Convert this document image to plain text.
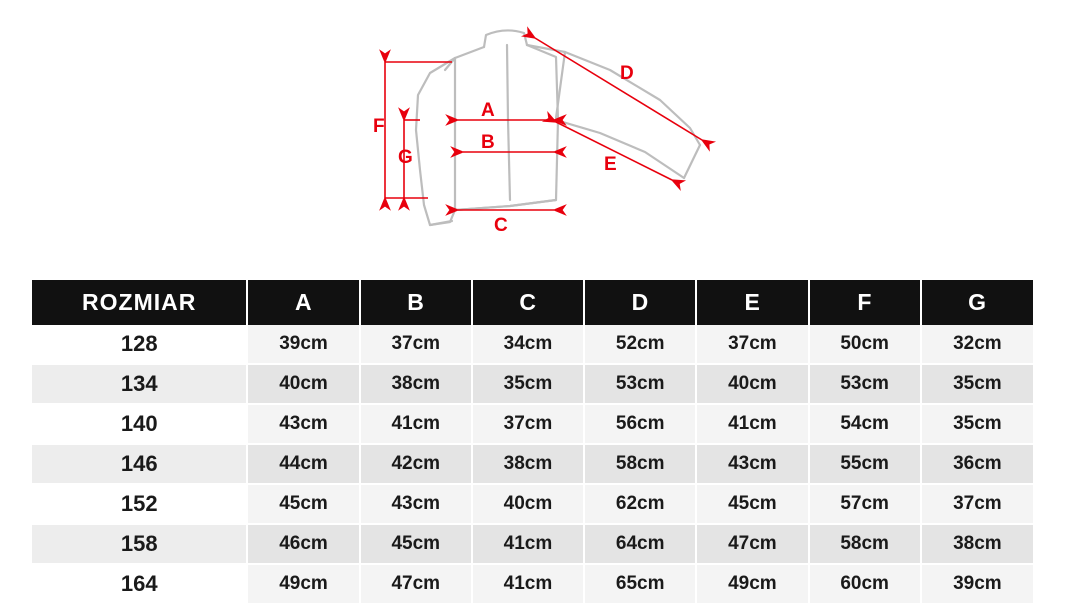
A
B
C
D
E
F
G
ROZMIAR	A	B	C	D	E	F	G
128	39cm	37cm	34cm	52cm	37cm	50cm	32cm
134	40cm	38cm	35cm	53cm	40cm	53cm	35cm
140	43cm	41cm	37cm	56cm	41cm	54cm	35cm
146	44cm	42cm	38cm	58cm	43cm	55cm	36cm
152	45cm	43cm	40cm	62cm	45cm	57cm	37cm
158	46cm	45cm	41cm	64cm	47cm	58cm	38cm
164	49cm	47cm	41cm	65cm	49cm	60cm	39cm
